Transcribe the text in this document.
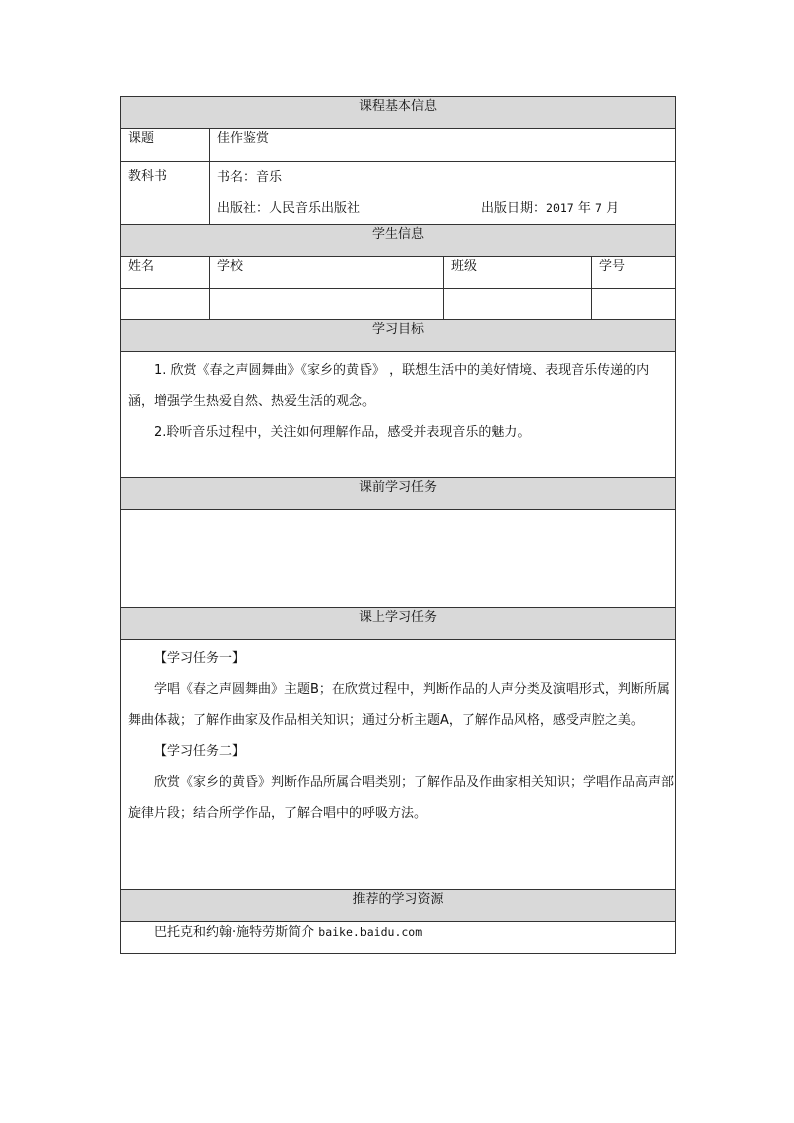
课程基本信息			
课题	佳作鉴赏		
教科书	书名：音乐
出版社：人民音乐出版社 出版日期：2017 年 7 月		

学生信息			
姓名	学校	班级	学号

学习目标			

1. 欣赏《春之声圆舞曲》《家乡的黄昏》 ，联想生活中的美好情境、表现音乐传递的内涵，增强学生热爱自然、热爱生活的观念。

2.聆听音乐过程中，关注如何理解作品，感受并表现音乐的魅力。			

课前学习任务			

课上学习任务			

【学习任务一】

学唱《春之声圆舞曲》主题B；在欣赏过程中，判断作品的人声分类及演唱形式，判断所属舞曲体裁；了解作曲家及作品相关知识；通过分析主题A，了解作品风格，感受声腔之美。

【学习任务二】

欣赏《家乡的黄昏》判断作品所属合唱类别；了解作品及作曲家相关知识；学唱作品高声部旋律片段；结合所学作品，了解合唱中的呼吸方法。			

推荐的学习资源			
巴托克和约翰·施特劳斯简介 baike.baidu.com			
